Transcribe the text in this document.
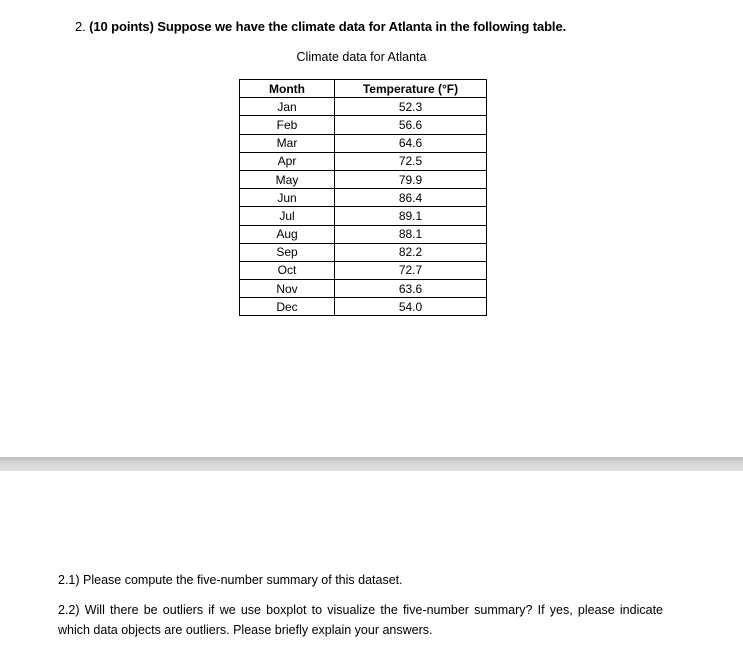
2. (10 points) Suppose we have the climate data for Atlanta in the following table.
Climate data for Atlanta
Month	Temperature (°F)
Jan	52.3
Feb	56.6
Mar	64.6
Apr	72.5
May	79.9
Jun	86.4
Jul	89.1
Aug	88.1
Sep	82.2
Oct	72.7
Nov	63.6
Dec	54.0
2.1) Please compute the five-number summary of this dataset.
2.2) Will there be outliers if we use boxplot to visualize the five-number summary? If yes, please indicate which data objects are outliers. Please briefly explain your answers.
